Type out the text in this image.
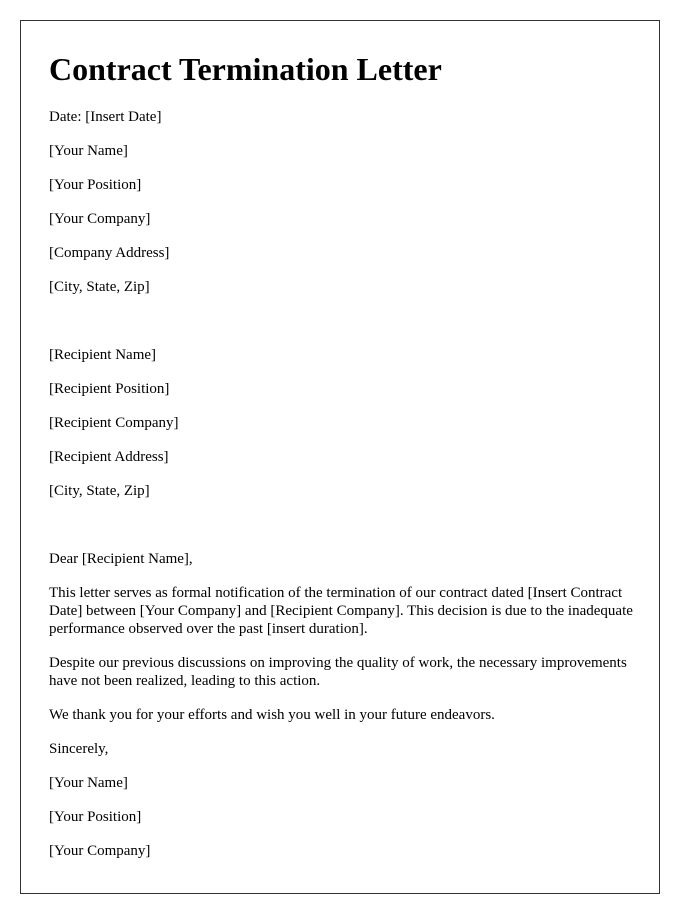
Contract Termination Letter
Date: [Insert Date]
[Your Name]
[Your Position]
[Your Company]
[Company Address]
[City, State, Zip]
[Recipient Name]
[Recipient Position]
[Recipient Company]
[Recipient Address]
[City, State, Zip]
Dear [Recipient Name],
This letter serves as formal notification of the termination of our contract dated [Insert Contract Date] between [Your Company] and [Recipient Company]. This decision is due to the inadequate performance observed over the past [insert duration].
Despite our previous discussions on improving the quality of work, the necessary improvements have not been realized, leading to this action.
We thank you for your efforts and wish you well in your future endeavors.
Sincerely,
[Your Name]
[Your Position]
[Your Company]
